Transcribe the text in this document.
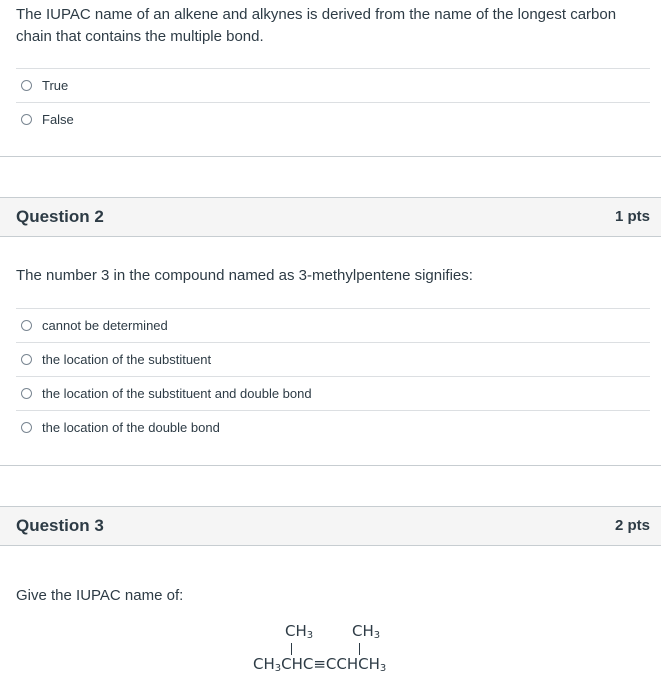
The IUPAC name of an alkene and alkynes is derived from the name of the longest carbon chain that contains the multiple bond.
True
False
Question 2	1 pts
The number 3 in the compound named as 3-methylpentene signifies:
cannot be determined
the location of the substituent
the location of the substituent and double bond
the location of the double bond
Question 3	2 pts
Give the IUPAC name of:
$CH_3$	$CH_3$
$CH_3CHC\equiv CCHCH_3$
